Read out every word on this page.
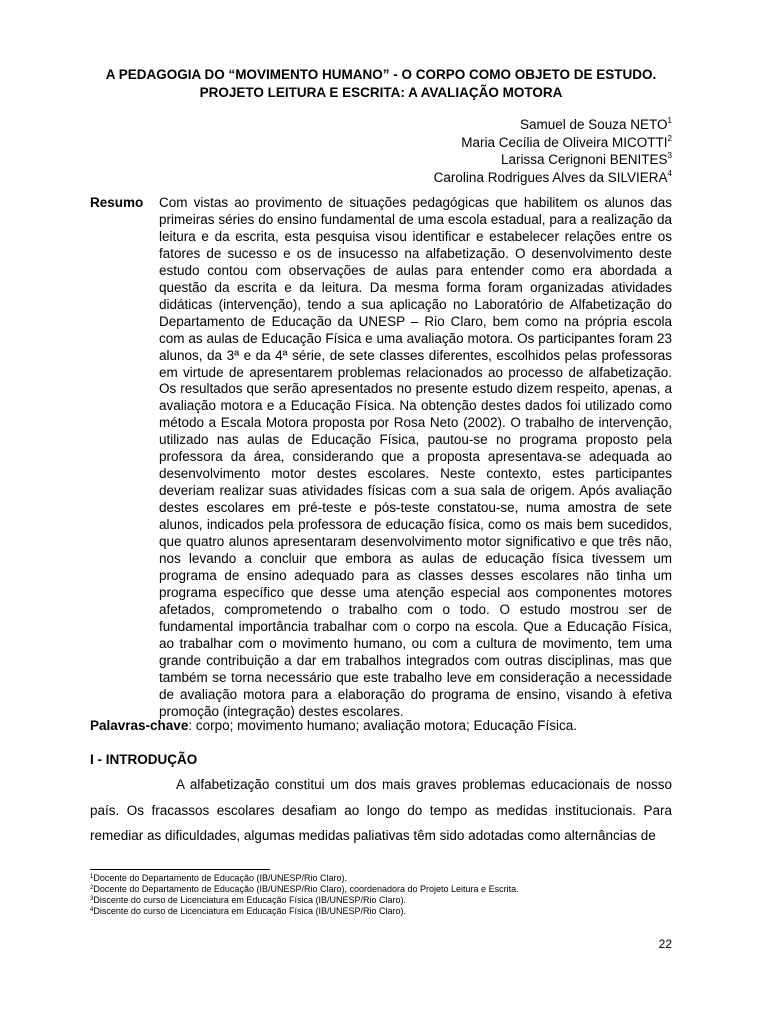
A PEDAGOGIA DO “MOVIMENTO HUMANO” - O CORPO COMO OBJETO DE ESTUDO.
PROJETO LEITURA E ESCRITA: A AVALIAÇÃO MOTORA
Samuel de Souza NETO$^1$
Maria Cecília de Oliveira MICOTTI$^2$
Larissa Cerignoni BENITES$^3$
Carolina Rodrigues Alves da SILVIERA$^4$
Resumo Com vistas ao provimento de situações pedagógicas que habilitem os alunos das primeiras séries do ensino fundamental de uma escola estadual, para a realização da leitura e da escrita, esta pesquisa visou identificar e estabelecer relações entre os fatores de sucesso e os de insucesso na alfabetização. O desenvolvimento deste estudo contou com observações de aulas para entender como era abordada a questão da escrita e da leitura. Da mesma forma foram organizadas atividades didáticas (intervenção), tendo a sua aplicação no Laboratório de Alfabetização do Departamento de Educação da UNESP – Rio Claro, bem como na própria escola com as aulas de Educação Física e uma avaliação motora. Os participantes foram 23 alunos, da 3ª e da 4ª série, de sete classes diferentes, escolhidos pelas professoras em virtude de apresentarem problemas relacionados ao processo de alfabetização. Os resultados que serão apresentados no presente estudo dizem respeito, apenas, a avaliação motora e a Educação Física. Na obtenção destes dados foi utilizado como método a Escala Motora proposta por Rosa Neto (2002). O trabalho de intervenção, utilizado nas aulas de Educação Física, pautou-se no programa proposto pela professora da área, considerando que a proposta apresentava-se adequada ao desenvolvimento motor destes escolares. Neste contexto, estes participantes deveriam realizar suas atividades físicas com a sua sala de origem. Após avaliação destes escolares em pré-teste e pós-teste constatou-se, numa amostra de sete alunos, indicados pela professora de educação física, como os mais bem sucedidos, que quatro alunos apresentaram desenvolvimento motor significativo e que três não, nos levando a concluir que embora as aulas de educação física tivessem um programa de ensino adequado para as classes desses escolares não tinha um programa específico que desse uma atenção especial aos componentes motores afetados, comprometendo o trabalho com o todo. O estudo mostrou ser de fundamental importância trabalhar com o corpo na escola. Que a Educação Física, ao trabalhar com o movimento humano, ou com a cultura de movimento, tem uma grande contribuição a dar em trabalhos integrados com outras disciplinas, mas que também se torna necessário que este trabalho leve em consideração a necessidade de avaliação motora para a elaboração do programa de ensino, visando à efetiva promoção (integração) destes escolares.
Palavras-chave: corpo; movimento humano; avaliação motora; Educação Física.
I - INTRODUÇÃO
A alfabetização constitui um dos mais graves problemas educacionais de nosso país. Os fracassos escolares desafiam ao longo do tempo as medidas institucionais. Para remediar as dificuldades, algumas medidas paliativas têm sido adotadas como alternâncias de
$^1$Docente do Departamento de Educação (IB/UNESP/Rio Claro).
$^2$Docente do Departamento de Educação (IB/UNESP/Rio Claro), coordenadora do Projeto Leitura e Escrita.
$^3$Discente do curso de Licenciatura em Educação Física (IB/UNESP/Rio Claro).
$^4$Discente do curso de Licenciatura em Educação Física (IB/UNESP/Rio Claro).
22
